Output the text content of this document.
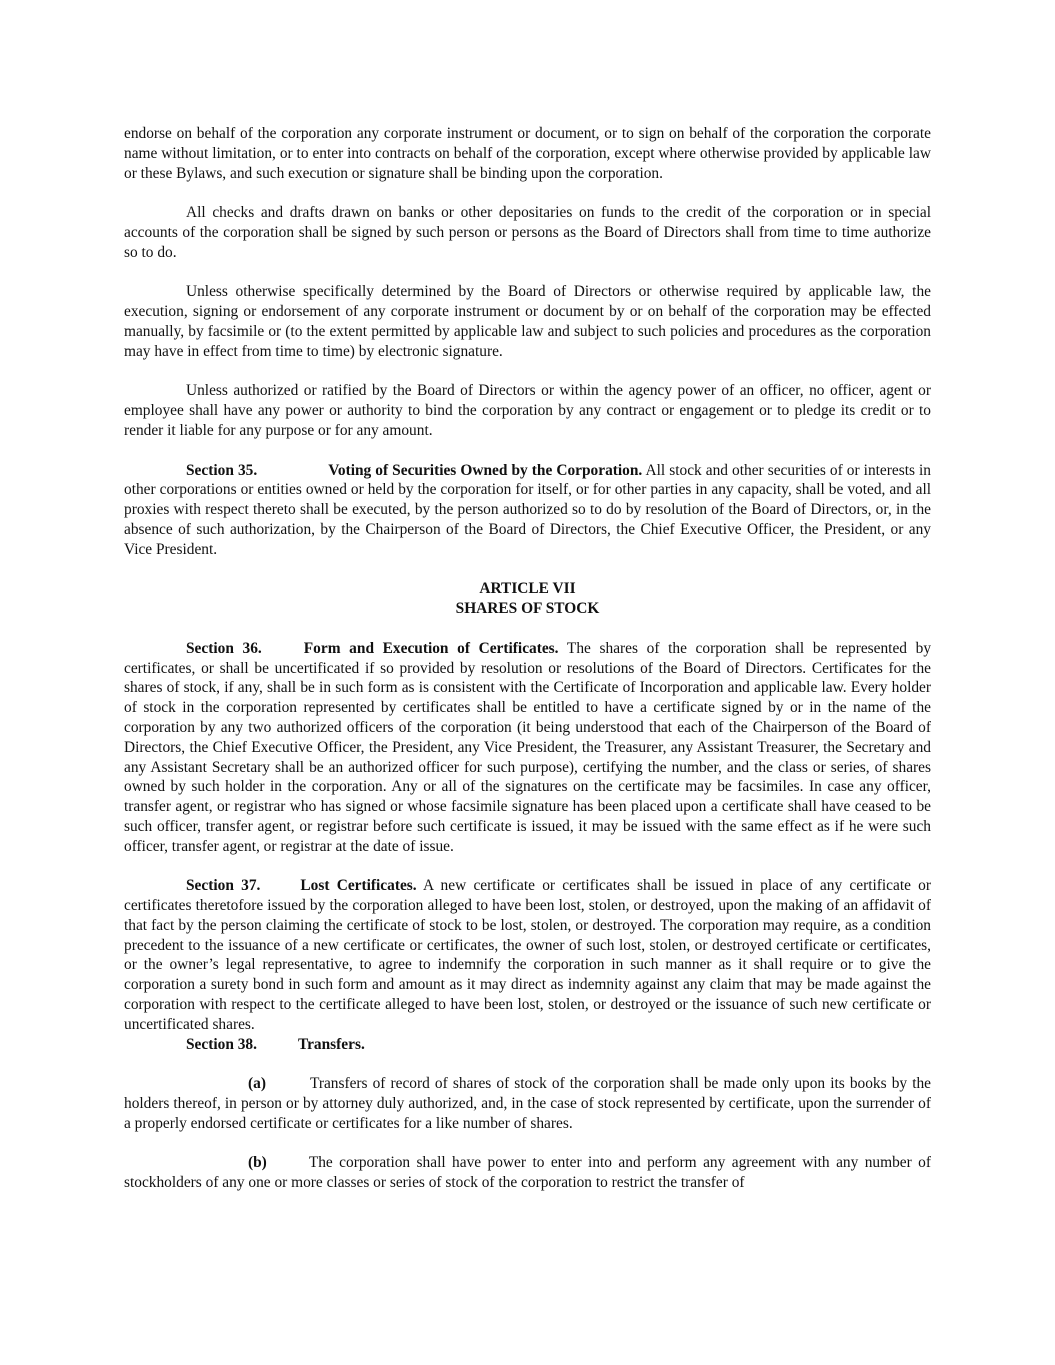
endorse on behalf of the corporation any corporate instrument or document, or to sign on behalf of the corporation the corporate name without limitation, or to enter into contracts on behalf of the corporation, except where otherwise provided by applicable law or these Bylaws, and such execution or signature shall be binding upon the corporation.

All checks and drafts drawn on banks or other depositaries on funds to the credit of the corporation or in special accounts of the corporation shall be signed by such person or persons as the Board of Directors shall from time to time authorize so to do.

Unless otherwise specifically determined by the Board of Directors or otherwise required by applicable law, the execution, signing or endorsement of any corporate instrument or document by or on behalf of the corporation may be effected manually, by facsimile or (to the extent permitted by applicable law and subject to such policies and procedures as the corporation may have in effect from time to time) by electronic signature.

Unless authorized or ratified by the Board of Directors or within the agency power of an officer, no officer, agent or employee shall have any power or authority to bind the corporation by any contract or engagement or to pledge its credit or to render it liable for any purpose or for any amount.

Section 35.	Voting of Securities Owned by the Corporation. All stock and other securities of or interests in other corporations or entities owned or held by the corporation for itself, or for other parties in any capacity, shall be voted, and all proxies with respect thereto shall be executed, by the person authorized so to do by resolution of the Board of Directors, or, in the absence of such authorization, by the Chairperson of the Board of Directors, the Chief Executive Officer, the President, or any Vice President.

ARTICLE VII

SHARES OF STOCK

Section 36.	Form and Execution of Certificates. The shares of the corporation shall be represented by certificates, or shall be uncertificated if so provided by resolution or resolutions of the Board of Directors. Certificates for the shares of stock, if any, shall be in such form as is consistent with the Certificate of Incorporation and applicable law. Every holder of stock in the corporation represented by certificates shall be entitled to have a certificate signed by or in the name of the corporation by any two authorized officers of the corporation (it being understood that each of the Chairperson of the Board of Directors, the Chief Executive Officer, the President, any Vice President, the Treasurer, any Assistant Treasurer, the Secretary and any Assistant Secretary shall be an authorized officer for such purpose), certifying the number, and the class or series, of shares owned by such holder in the corporation. Any or all of the signatures on the certificate may be facsimiles. In case any officer, transfer agent, or registrar who has signed or whose facsimile signature has been placed upon a certificate shall have ceased to be such officer, transfer agent, or registrar before such certificate is issued, it may be issued with the same effect as if he were such officer, transfer agent, or registrar at the date of issue.

Section 37.	Lost Certificates. A new certificate or certificates shall be issued in place of any certificate or certificates theretofore issued by the corporation alleged to have been lost, stolen, or destroyed, upon the making of an affidavit of that fact by the person claiming the certificate of stock to be lost, stolen, or destroyed. The corporation may require, as a condition precedent to the issuance of a new certificate or certificates, the owner of such lost, stolen, or destroyed certificate or certificates, or the owner’s legal representative, to agree to indemnify the corporation in such manner as it shall require or to give the corporation a surety bond in such form and amount as it may direct as indemnity against any claim that may be made against the corporation with respect to the certificate alleged to have been lost, stolen, or destroyed or the issuance of such new certificate or uncertificated shares.

Section 38.	Transfers.

(a)	Transfers of record of shares of stock of the corporation shall be made only upon its books by the holders thereof, in person or by attorney duly authorized, and, in the case of stock represented by certificate, upon the surrender of a properly endorsed certificate or certificates for a like number of shares.

(b)	The corporation shall have power to enter into and perform any agreement with any number of stockholders of any one or more classes or series of stock of the corporation to restrict the transfer of
